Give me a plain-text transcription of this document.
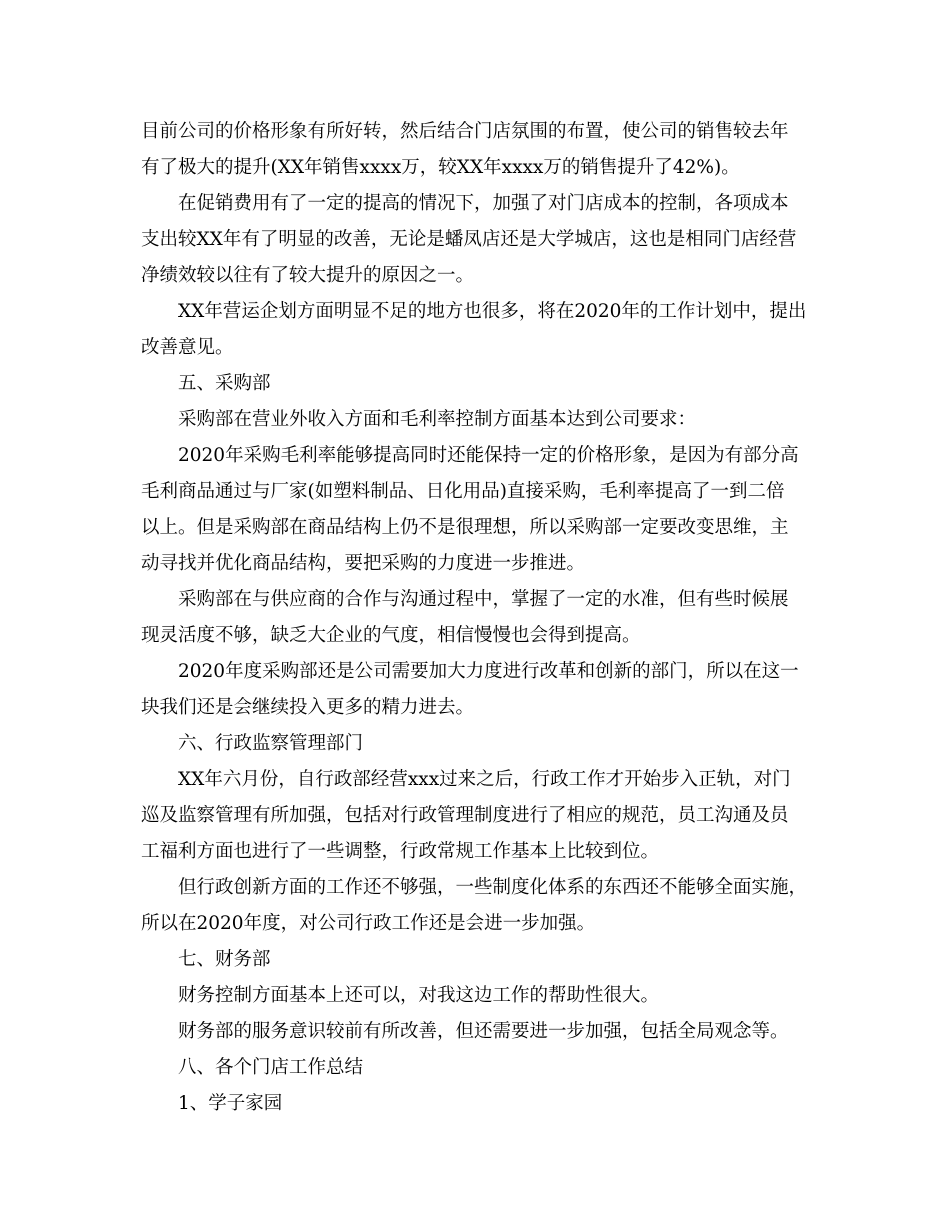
目前公司的价格形象有所好转，然后结合门店氛围的布置，使公司的销售较去年
有了极大的提升(XX年销售xxxx万，较XX年xxxx万的销售提升了42%)。
在促销费用有了一定的提高的情况下，加强了对门店成本的控制，各项成本
支出较XX年有了明显的改善，无论是蟠凤店还是大学城店，这也是相同门店经营
净绩效较以往有了较大提升的原因之一。
XX年营运企划方面明显不足的地方也很多，将在2020年的工作计划中，提出
改善意见。
五、采购部
采购部在营业外收入方面和毛利率控制方面基本达到公司要求：
2020年采购毛利率能够提高同时还能保持一定的价格形象，是因为有部分高
毛利商品通过与厂家(如塑料制品、日化用品)直接采购，毛利率提高了一到二倍
以上。但是采购部在商品结构上仍不是很理想，所以采购部一定要改变思维，主
动寻找并优化商品结构，要把采购的力度进一步推进。
采购部在与供应商的合作与沟通过程中，掌握了一定的水准，但有些时候展
现灵活度不够，缺乏大企业的气度，相信慢慢也会得到提高。
2020年度采购部还是公司需要加大力度进行改革和创新的部门，所以在这一
块我们还是会继续投入更多的精力进去。
六、行政监察管理部门
XX年六月份，自行政部经营xxx过来之后，行政工作才开始步入正轨，对门
巡及监察管理有所加强，包括对行政管理制度进行了相应的规范，员工沟通及员
工福利方面也进行了一些调整，行政常规工作基本上比较到位。
但行政创新方面的工作还不够强，一些制度化体系的东西还不能够全面实施，
所以在2020年度，对公司行政工作还是会进一步加强。
七、财务部
财务控制方面基本上还可以，对我这边工作的帮助性很大。
财务部的服务意识较前有所改善，但还需要进一步加强，包括全局观念等。
八、各个门店工作总结
1、学子家园
